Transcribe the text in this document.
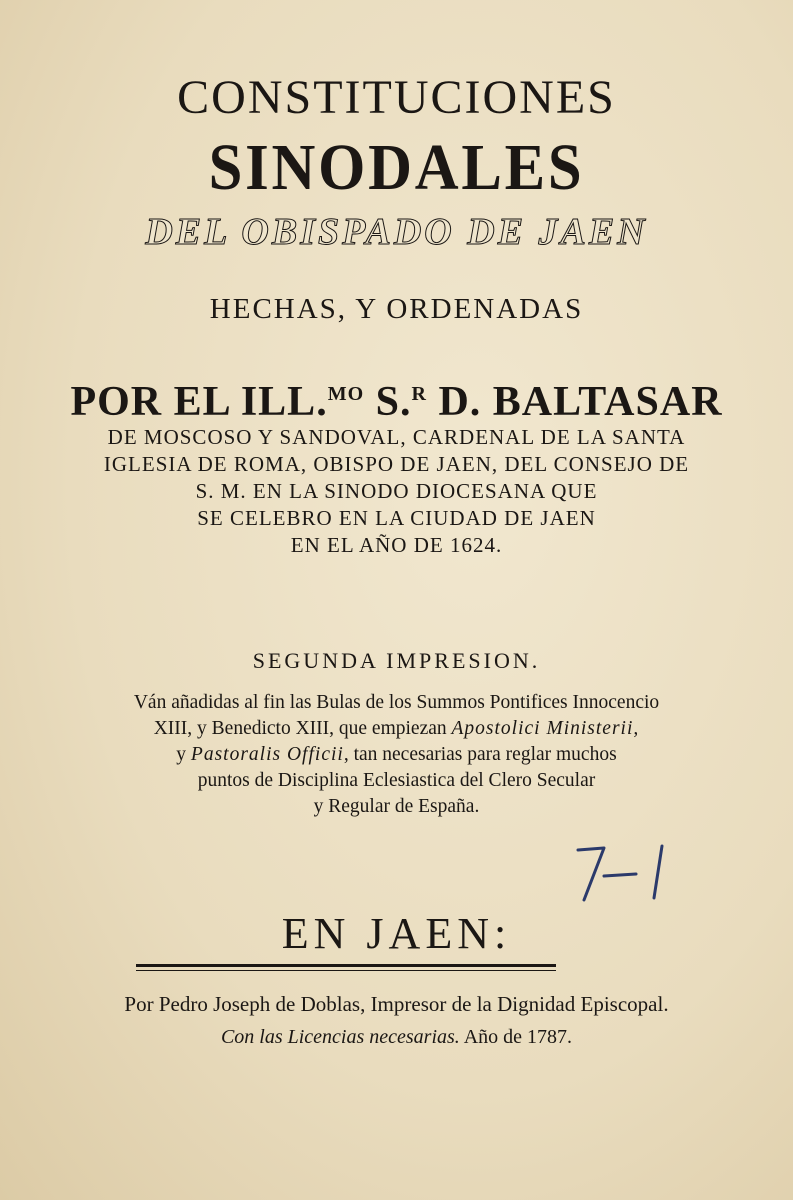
CONSTITUCIONES
SINODALES
DEL OBISPADO DE JAEN
HECHAS, Y ORDENADAS
POR EL ILL.$^{MO}$ S.$^R$ D. BALTASAR
DE MOSCOSO Y SANDOVAL, CARDENAL DE LA SANTA
IGLESIA DE ROMA, OBISPO DE JAEN, DEL CONSEJO DE
S. M. EN LA SINODO DIOCESANA QUE
SE CELEBRO EN LA CIUDAD DE JAEN
EN EL AÑO DE 1624.
SEGUNDA IMPRESION.
Ván añadidas al fin las Bulas de los Summos Pontifices Innocencio
XIII, y Benedicto XIII, que empiezan Apostolici Ministerii,
y Pastoralis Officii, tan necesarias para reglar muchos
puntos de Disciplina Eclesiastica del Clero Secular
y Regular de España.
EN JAEN:
Por Pedro Joseph de Doblas, Impresor de la Dignidad Episcopal.
Con las Licencias necesarias. Año de 1787.
